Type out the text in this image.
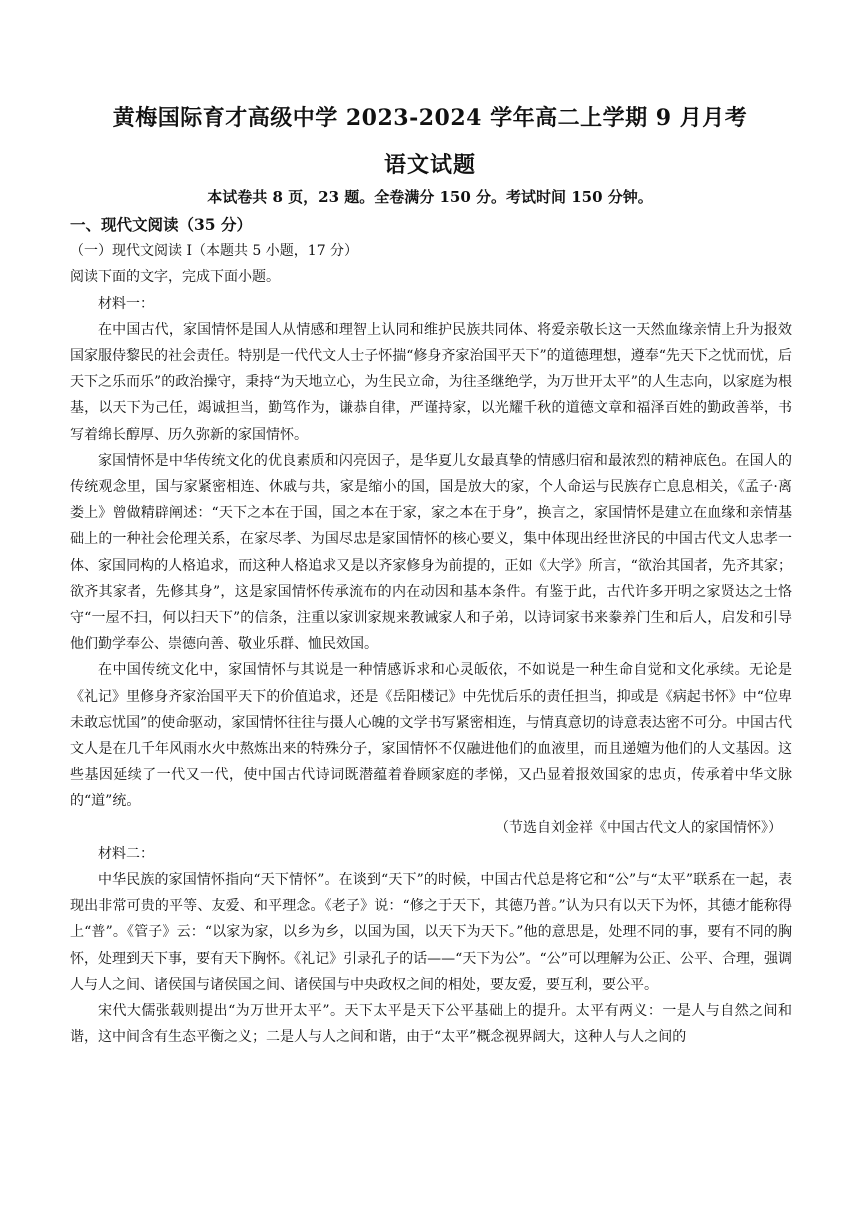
黄梅国际育才高级中学 2023-2024 学年高二上学期 9 月月考
语文试题
本试卷共 8 页，23 题。全卷满分 150 分。考试时间 150 分钟。

一、现代文阅读（35 分）

（一）现代文阅读 I（本题共 5 小题，17 分）

阅读下面的文字，完成下面小题。

材料一：

在中国古代，家国情怀是国人从情感和理智上认同和维护民族共同体、将爱亲敬长这一天然血缘亲情上升为报效国家服侍黎民的社会责任。特别是一代代文人士子怀揣“修身齐家治国平天下”的道德理想，遵奉“先天下之忧而忧，后天下之乐而乐”的政治操守，秉持“为天地立心，为生民立命，为往圣继绝学，为万世开太平”的人生志向，以家庭为根基，以天下为己任，竭诚担当，勤笃作为，谦恭自律，严谨持家，以光耀千秋的道德文章和福泽百姓的勤政善举，书写着绵长醇厚、历久弥新的家国情怀。

家国情怀是中华传统文化的优良素质和闪亮因子，是华夏儿女最真挚的情感归宿和最浓烈的精神底色。在国人的传统观念里，国与家紧密相连、休戚与共，家是缩小的国，国是放大的家，个人命运与民族存亡息息相关，《孟子·离娄上》曾做精辟阐述：“天下之本在于国，国之本在于家，家之本在于身”，换言之，家国情怀是建立在血缘和亲情基础上的一种社会伦理关系，在家尽孝、为国尽忠是家国情怀的核心要义，集中体现出经世济民的中国古代文人忠孝一体、家国同构的人格追求，而这种人格追求又是以齐家修身为前提的，正如《大学》所言，“欲治其国者，先齐其家；欲齐其家者，先修其身”，这是家国情怀传承流布的内在动因和基本条件。有鉴于此，古代许多开明之家贤达之士恪守“一屋不扫，何以扫天下”的信条，注重以家训家规来教诫家人和子弟，以诗词家书来豢养门生和后人，启发和引导他们勤学奉公、崇德向善、敬业乐群、恤民效国。

在中国传统文化中，家国情怀与其说是一种情感诉求和心灵皈依，不如说是一种生命自觉和文化承续。无论是《礼记》里修身齐家治国平天下的价值追求，还是《岳阳楼记》中先忧后乐的责任担当，抑或是《病起书怀》中“位卑未敢忘忧国”的使命驱动，家国情怀往往与摄人心魄的文学书写紧密相连，与情真意切的诗意表达密不可分。中国古代文人是在几千年风雨水火中熬炼出来的特殊分子，家国情怀不仅融进他们的血液里，而且递嬗为他们的人文基因。这些基因延续了一代又一代，使中国古代诗词既潜蕴着眷顾家庭的孝悌，又凸显着报效国家的忠贞，传承着中华文脉的“道”统。

（节选自刘金祥《中国古代文人的家国情怀》）

材料二：

中华民族的家国情怀指向“天下情怀”。在谈到“天下”的时候，中国古代总是将它和“公”与“太平”联系在一起，表现出非常可贵的平等、友爱、和平理念。《老子》说：“修之于天下，其德乃普。”认为只有以天下为怀，其德才能称得上“普”。《管子》云：“以家为家，以乡为乡，以国为国，以天下为天下。”他的意思是，处理不同的事，要有不同的胸怀，处理到天下事，要有天下胸怀。《礼记》引录孔子的话——“天下为公”。“公”可以理解为公正、公平、合理，强调人与人之间、诸侯国与诸侯国之间、诸侯国与中央政权之间的相处，要友爱，要互利，要公平。

宋代大儒张载则提出“为万世开太平”。天下太平是天下公平基础上的提升。太平有两义：一是人与自然之间和谐，这中间含有生态平衡之义；二是人与人之间和谐，由于“太平”概念视界阔大，这种人与人之间的
